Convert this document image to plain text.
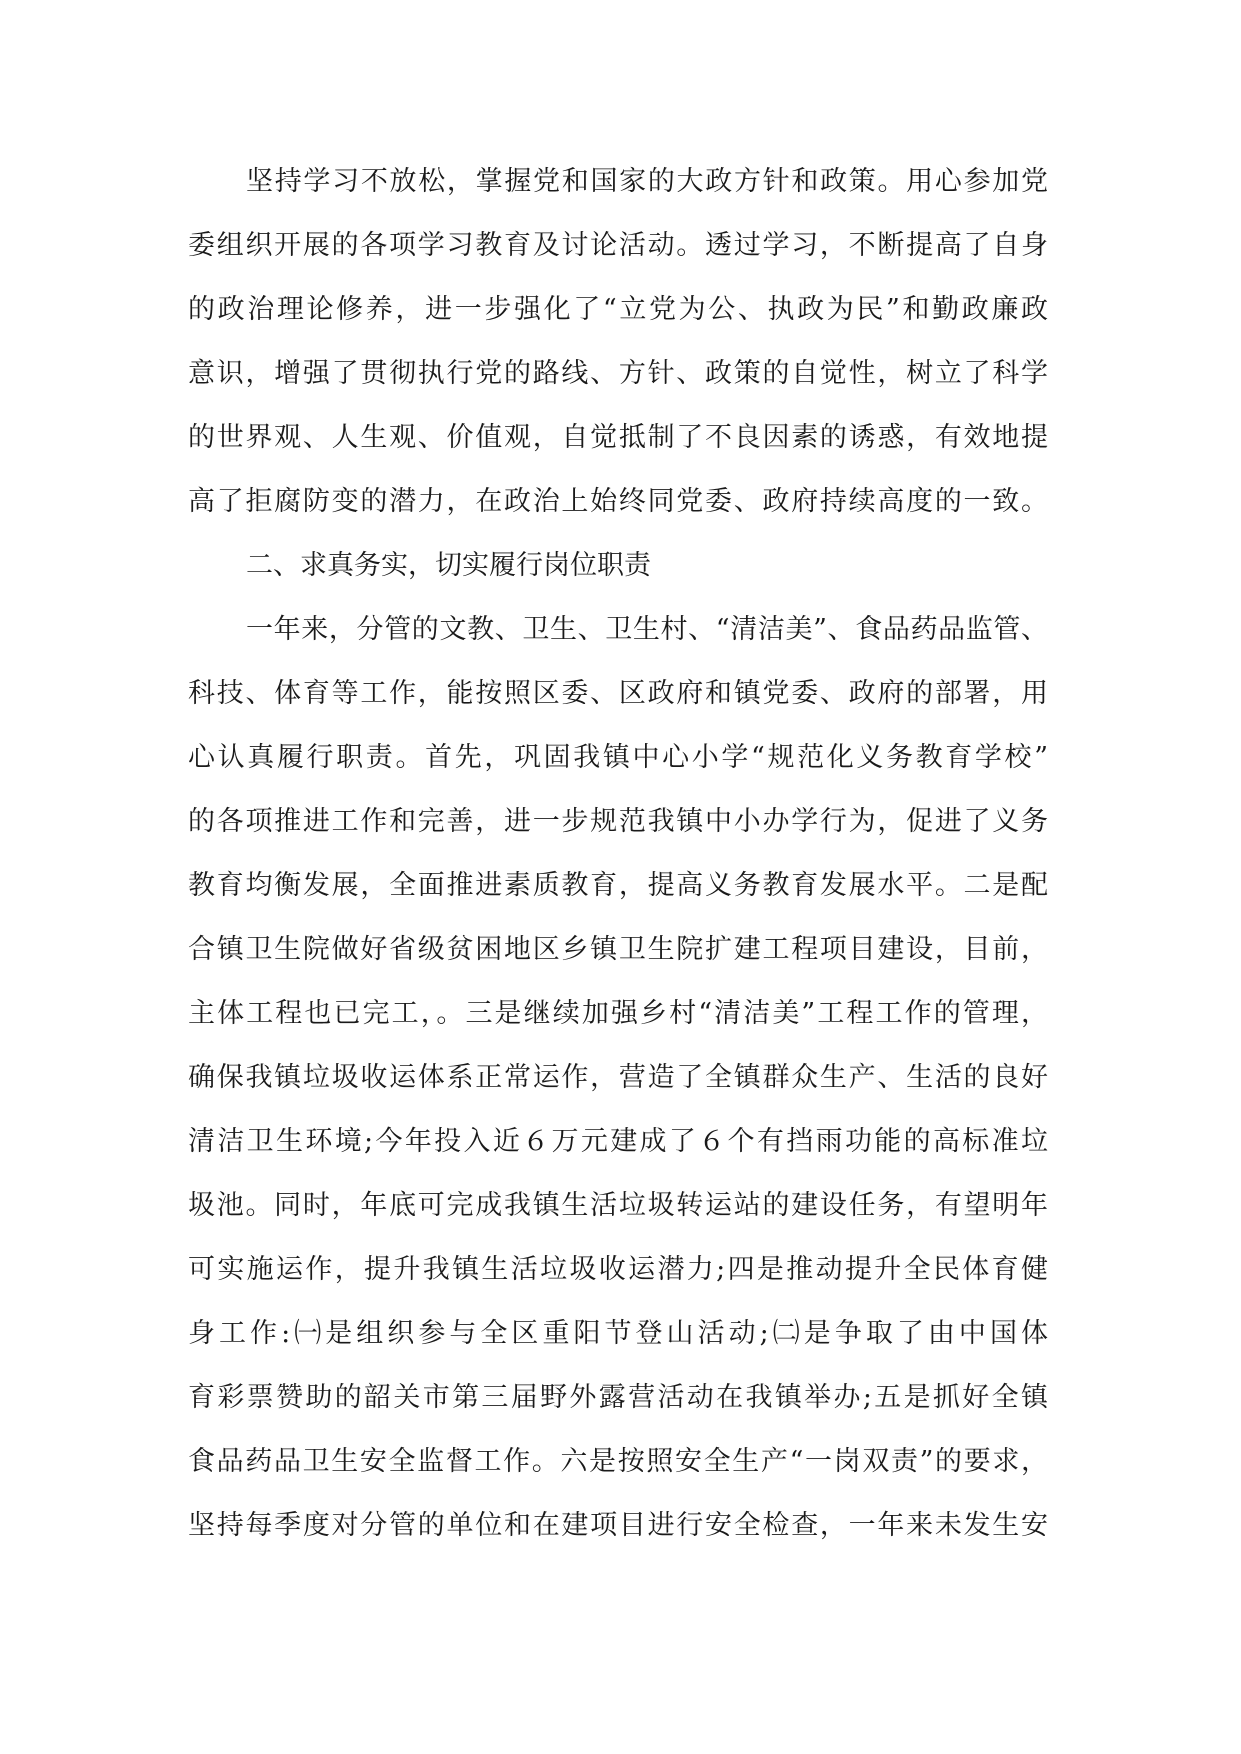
坚持学习不放松，掌握党和国家的大政方针和政策。用心参加党
委组织开展的各项学习教育及讨论活动。透过学习，不断提高了自身
的政治理论修养，进一步强化了“立党为公、执政为民”和勤政廉政
意识，增强了贯彻执行党的路线、方针、政策的自觉性，树立了科学
的世界观、人生观、价值观，自觉抵制了不良因素的诱惑，有效地提
高了拒腐防变的潜力，在政治上始终同党委、政府持续高度的一致。
二、求真务实，切实履行岗位职责
一年来，分管的文教、卫生、卫生村、“清洁美”、食品药品监管、
科技、体育等工作，能按照区委、区政府和镇党委、政府的部署，用
心认真履行职责。首先，巩固我镇中心小学“规范化义务教育学校”
的各项推进工作和完善，进一步规范我镇中小办学行为，促进了义务
教育均衡发展，全面推进素质教育，提高义务教育发展水平。二是配
合镇卫生院做好省级贫困地区乡镇卫生院扩建工程项目建设，目前，
主体工程也已完工，。三是继续加强乡村“清洁美”工程工作的管理，
确保我镇垃圾收运体系正常运作，营造了全镇群众生产、生活的良好
清洁卫生环境;今年投入近６万元建成了６个有挡雨功能的高标准垃
圾池。同时，年底可完成我镇生活垃圾转运站的建设任务，有望明年
可实施运作，提升我镇生活垃圾收运潜力;四是推动提升全民体育健
身工作:㈠是组织参与全区重阳节登山活动;㈡是争取了由中国体
育彩票赞助的韶关市第三届野外露营活动在我镇举办;五是抓好全镇
食品药品卫生安全监督工作。六是按照安全生产“一岗双责”的要求，
坚持每季度对分管的单位和在建项目进行安全检查，一年来未发生安
